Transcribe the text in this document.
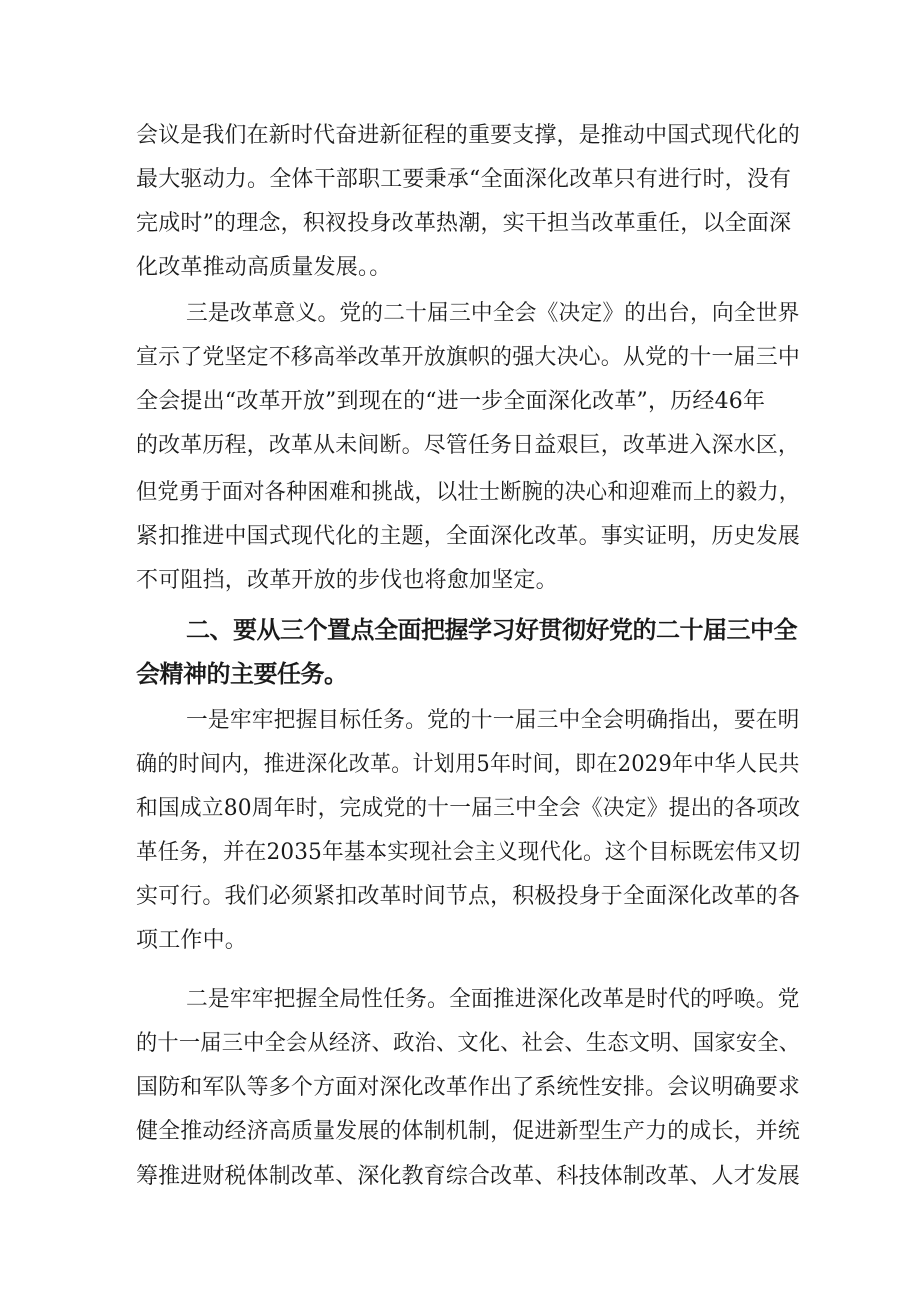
会议是我们在新时代奋进新征程的重要支撑，是推动中国式现代化的
最大驱动力。全体干部职工要秉承“全面深化改革只有进行时，没有
完成时”的理念，积衩投身改革热潮，实干担当改革重任，以全面深
化改革推动高质量发展。。
三是改革意义。党的二十届三中全会《决定》的出台，向全世界
宣示了党坚定不移高举改革开放旗帜的强大决心。从党的十一届三中
全会提出“改革开放”到现在的“进一步全面深化改革”，历经46年
的改革历程，改革从未间断。尽管任务日益艰巨，改革进入深水区，
但党勇于面对各种困难和挑战，以壮士断腕的决心和迎难而上的毅力，
紧扣推进中国式现代化的主题，全面深化改革。事实证明，历史发展
不可阻挡，改革开放的步伐也将愈加坚定。
二、要从三个置点全面把握学习好贯彻好党的二十届三中全
会精神的主要任务。
一是牢牢把握目标任务。党的十一届三中全会明确指出，要在明
确的时间内，推进深化改革。计划用5年时间，即在2029年中华人民共
和国成立80周年时，完成党的十一届三中全会《决定》提出的各项改
革任务，并在2035年基本实现社会主义现代化。这个目标既宏伟又切
实可行。我们必须紧扣改革时间节点，积极投身于全面深化改革的各
项工作中。
二是牢牢把握全局性任务。全面推进深化改革是时代的呼唤。党
的十一届三中全会从经济、政治、文化、社会、生态文明、国家安全、
国防和军队等多个方面对深化改革作出了系统性安排。会议明确要求
健全推动经济高质量发展的体制机制，促进新型生产力的成长，并统
筹推进财税体制改革、深化教育综合改革、科技体制改革、人才发展
